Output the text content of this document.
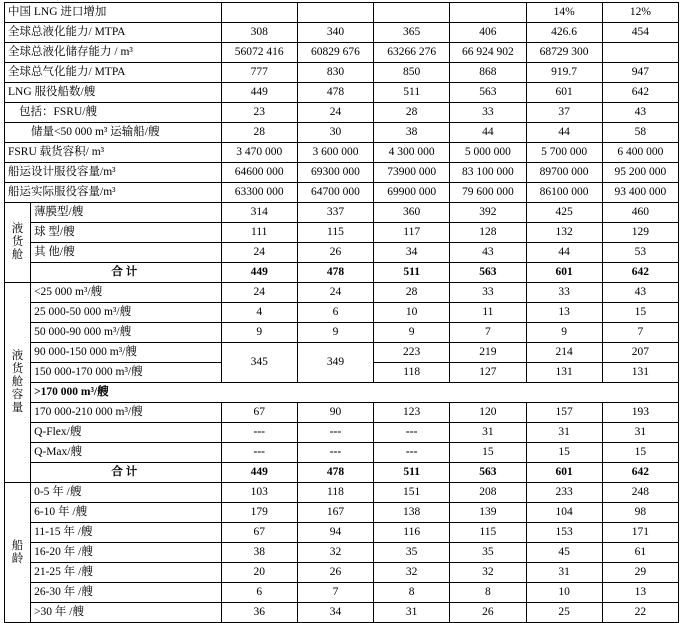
中国 LNG 进口增加						14%	12%
全球总液化能力/ MTPA		308	340	365	406	426.6	454
全球总液化储存能力 / m³		56072 416	60829 676	63266 276	66 924 902	68729 300	
全球总气化能力/ MTPA		777	830	850	868	919.7	947
LNG 服役船数/艘		449	478	511	563	601	642
包括：FSRU/艘		23	24	28	33	37	43
储量<50 000 m³ 运输船/艘		28	30	38	44	44	58
FSRU 载货容积/ m³		3 470 000	3 600 000	4 300 000	5 000 000	5 700 000	6 400 000
船运设计服役容量/m³		64600 000	69300 000	73900 000	83 100 000	89700 000	95 200 000
船运实际服役容量/m³		63300 000	64700 000	69900 000	79 600 000	86100 000	93 400 000

液
货
舱	薄膜型/艘	314	337	360	392	425	460
	球 型/艘	111	115	117	128	132	129
	其 他/艘	24	26	34	43	44	53
	合 计	449	478	511	563	601	642

液
货
舱
容
量	<25 000 m³/艘	24	24	28	33	33	43
	25 000-50 000 m³/艘	4	6	10	11	13	15
	50 000-90 000 m³/艘	9	9	9	7	9	7
	90 000-150 000 m³/艘	345	349	223	219	214	207
	150 000-170 000 m³/艘			118	127	131	131
	>170 000 m³/艘						
	170 000-210 000 m³/艘	67	90	123	120	157	193
	Q-Flex/艘	---	---	---	31	31	31
	Q-Max/艘	---	---	---	15	15	15
	合 计	449	478	511	563	601	642

船
龄	0-5 年 /艘	103	118	151	208	233	248
	6-10 年 /艘	179	167	138	139	104	98
	11-15 年 /艘	67	94	116	115	153	171
	16-20 年 /艘	38	32	35	35	45	61
	21-25 年 /艘	20	26	32	32	31	29
	26-30 年 /艘	6	7	8	8	10	13
	>30 年 /艘	36	34	31	26	25	22
